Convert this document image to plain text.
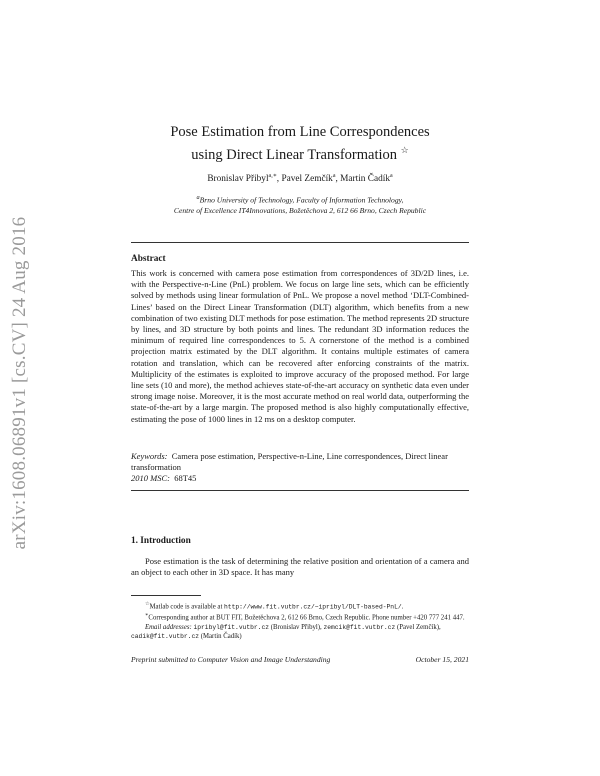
arXiv:1608.06891v1 [cs.CV] 24 Aug 2016
Pose Estimation from Line Correspondences
using Direct Linear Transformation ☆
Bronislav Přibyl$^{a,∗}$, Pavel Zemčík$^a$, Martin Čadík$^a$
$^a$Brno University of Technology, Faculty of Information Technology,
Centre of Excellence IT4Innovations, Božetěchova 2, 612 66 Brno, Czech Republic
Abstract
This work is concerned with camera pose estimation from correspondences of 3D/2D lines, i.e. with the Perspective-n-Line (PnL) problem. We focus on large line sets, which can be efficiently solved by methods using linear formulation of PnL. We propose a novel method ‘DLT-Combined-Lines’ based on the Direct Linear Transformation (DLT) algorithm, which benefits from a new combination of two existing DLT methods for pose estimation. The method represents 2D structure by lines, and 3D structure by both points and lines. The redundant 3D information reduces the minimum of required line correspondences to 5. A cornerstone of the method is a combined projection matrix estimated by the DLT algorithm. It contains multiple estimates of camera rotation and translation, which can be recovered after enforcing constraints of the matrix. Multiplicity of the estimates is exploited to improve accuracy of the proposed method. For large line sets (10 and more), the method achieves state-of-the-art accuracy on synthetic data even under strong image noise. Moreover, it is the most accurate method on real world data, outperforming the state-of-the-art by a large margin. The proposed method is also highly computationally effective, estimating the pose of 1000 lines in 12 ms on a desktop computer.
Keywords: Camera pose estimation, Perspective-n-Line, Line correspondences, Direct linear transformation
2010 MSC: 68T45
1. Introduction
Pose estimation is the task of determining the relative position and orientation of a camera and an object to each other in 3D space. It has many
☆Matlab code is available at http://www.fit.vutbr.cz/~ipribyl/DLT-based-PnL/.
∗Corresponding author at BUT FIT, Božetěchova 2, 612 66 Brno, Czech Republic. Phone number +420 777 241 447.
Email addresses: ipribyl@fit.vutbr.cz (Bronislav Přibyl), zemcik@fit.vutbr.cz (Pavel Zemčík), cadik@fit.vutbr.cz (Martin Čadík)
Preprint submitted to Computer Vision and Image Understanding	October 15, 2021
